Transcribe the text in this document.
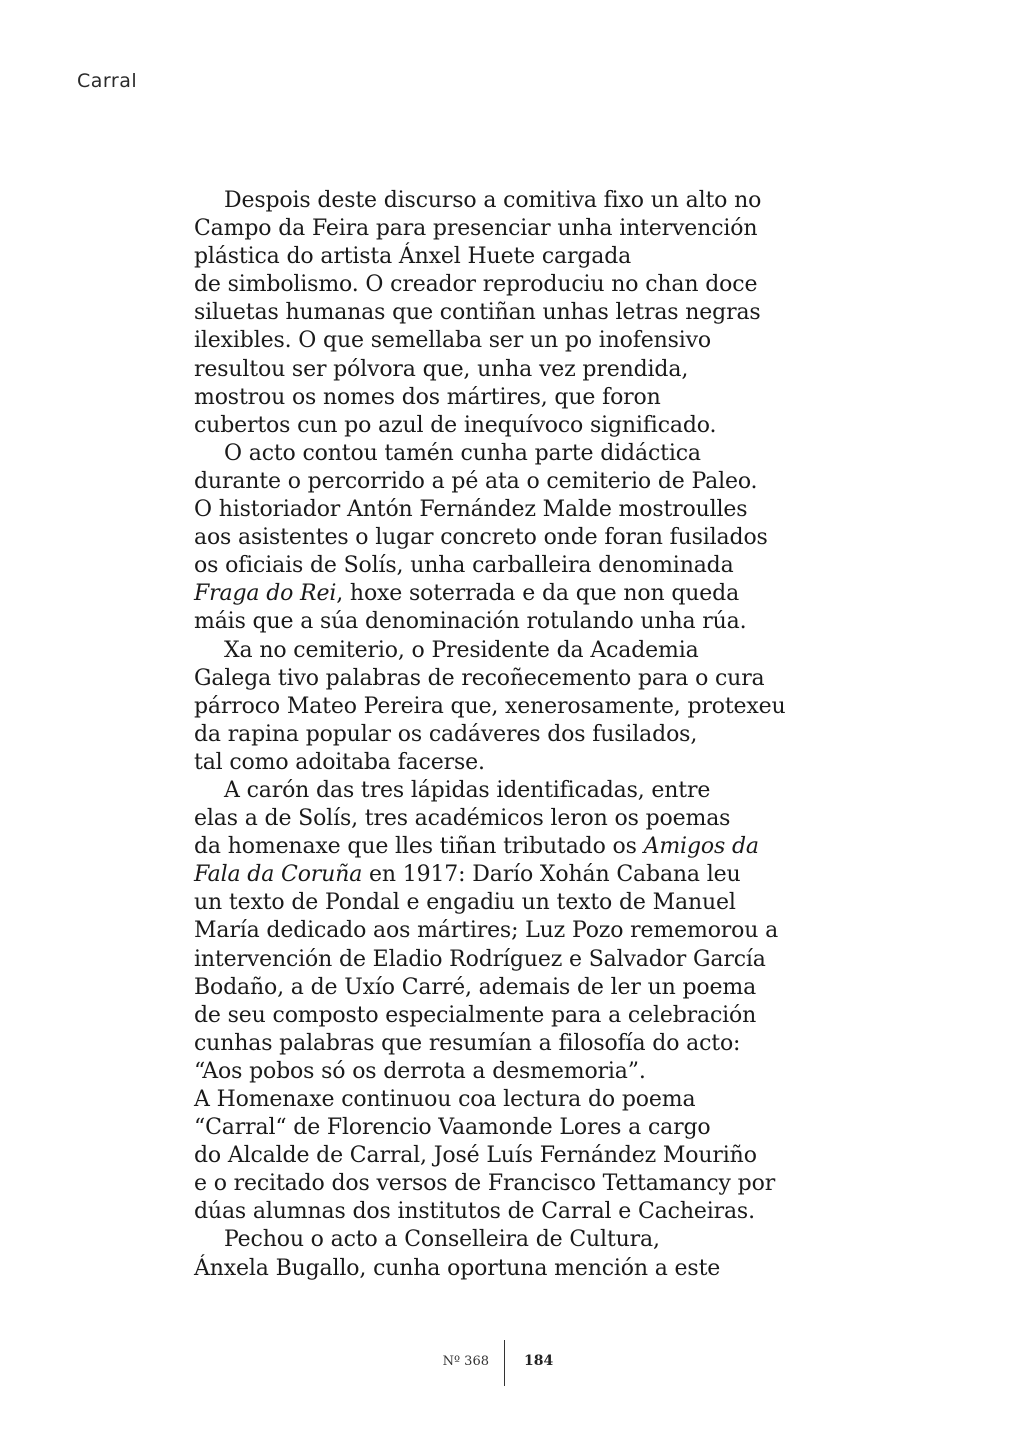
Carral
Despois deste discurso a comitiva fixo un alto no
Campo da Feira para presenciar unha intervención
plástica do artista Ánxel Huete cargada
de simbolismo. O creador reproduciu no chan doce
siluetas humanas que contiñan unhas letras negras
ilexibles. O que semellaba ser un po inofensivo
resultou ser pólvora que, unha vez prendida,
mostrou os nomes dos mártires, que foron
cubertos cun po azul de inequívoco significado.
O acto contou tamén cunha parte didáctica
durante o percorrido a pé ata o cemiterio de Paleo.
O historiador Antón Fernández Malde mostroulles
aos asistentes o lugar concreto onde foran fusilados
os oficiais de Solís, unha carballeira denominada
Fraga do Rei, hoxe soterrada e da que non queda
máis que a súa denominación rotulando unha rúa.
Xa no cemiterio, o Presidente da Academia
Galega tivo palabras de recoñecemento para o cura
párroco Mateo Pereira que, xenerosamente, protexeu
da rapina popular os cadáveres dos fusilados,
tal como adoitaba facerse.
A carón das tres lápidas identificadas, entre
elas a de Solís, tres académicos leron os poemas
da homenaxe que lles tiñan tributado os Amigos da
Fala da Coruña en 1917: Darío Xohán Cabana leu
un texto de Pondal e engadiu un texto de Manuel
María dedicado aos mártires; Luz Pozo rememorou a
intervención de Eladio Rodríguez e Salvador García
Bodaño, a de Uxío Carré, ademais de ler un poema
de seu composto especialmente para a celebración
cunhas palabras que resumían a filosofía do acto:
“Aos pobos só os derrota a desmemoria”.
A Homenaxe continuou coa lectura do poema
“Carral“ de Florencio Vaamonde Lores a cargo
do Alcalde de Carral, José Luís Fernández Mouriño
e o recitado dos versos de Francisco Tettamancy por
dúas alumnas dos institutos de Carral e Cacheiras.
Pechou o acto a Conselleira de Cultura,
Ánxela Bugallo, cunha oportuna mención a este
Nº 368	184
